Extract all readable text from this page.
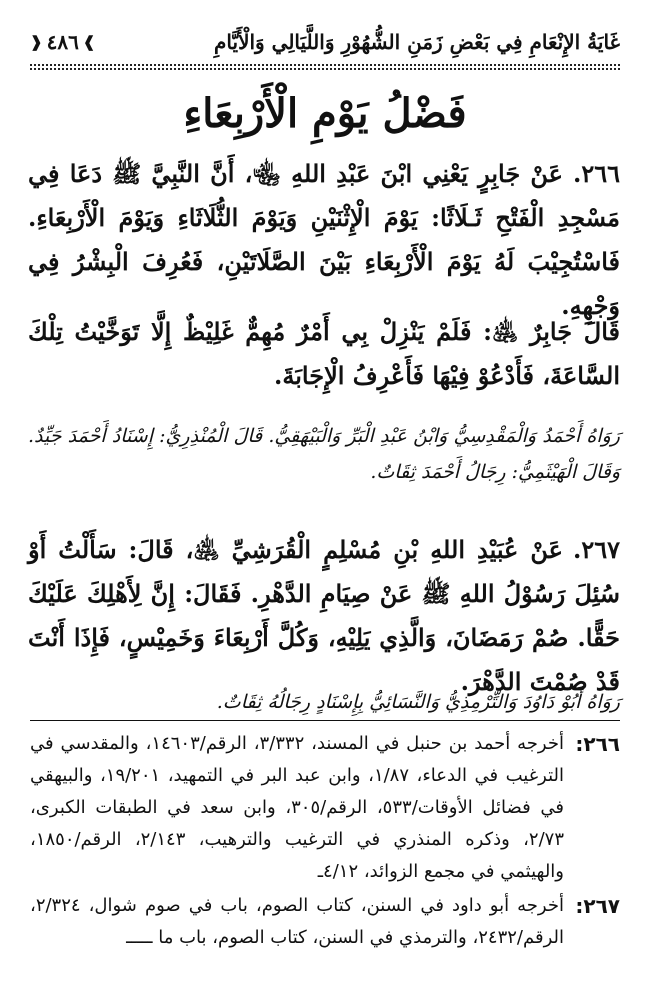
غَايَةُ الإِنْعَامِ فِي بَعْضِ زَمَنِ الشُّهُوْرِ وَاللَّيَالِي وَالْأَيَّامِ
❱
٤٨٦
❰
فَضْلُ يَوْمِ الْأَرْبِعَاءِ
٢٦٦.عَنْ جَابِرٍ يَعْنِي ابْنَ عَبْدِ اللهِ ﵄، أَنَّ النَّبِيَّ ﷺ دَعَا فِي مَسْجِدِ الْفَتْحِ ثَـلَاثًا: يَوْمَ الْإِثْنَيْنِ وَيَوْمَ الثُّلَاثَاءِ وَيَوْمَ الْأَرْبِعَاءِ. فَاسْتُجِيْبَ لَهُ يَوْمَ الْأَرْبِعَاءِ بَيْنَ الصَّلَاتَيْنِ، فَعُرِفَ الْبِشْرُ فِي وَجْهِهِ.
قَالَ جَابِرٌ ﵁: فَلَمْ يَنْزِلْ بِي أَمْرٌ مُهِمٌّ غَلِيْظٌ إِلَّا تَوَخَّيْتُ تِلْكَ السَّاعَةَ، فَأَدْعُوْ فِيْهَا فَأَعْرِفُ الْإِجَابَةَ.
رَوَاهُ أَحْمَدُ وَالْمَقْدِسِيُّ وَابْنُ عَبْدِ الْبَرِّ وَالْبَيْهَقِيُّ. قَالَ الْمُنْذِرِيُّ: إِسْنَادُ أَحْمَدَ جَيِّدٌ. وَقَالَ الْهَيْثَمِيُّ: رِجَالُ أَحْمَدَ ثِقَاتٌ.
٢٦٧.عَنْ عُبَيْدِ اللهِ بْنِ مُسْلِمٍ الْقُرَشِيِّ ﵁، قَالَ: سَأَلْتُ أَوْ سُئِلَ رَسُوْلُ اللهِ ﷺ عَنْ صِيَامِ الدَّهْرِ. فَقَالَ: إِنَّ لِأَهْلِكَ عَلَيْكَ حَقًّا. صُمْ رَمَضَانَ، وَالَّذِي يَلِيْهِ، وَكُلَّ أَرْبِعَاءَ وَخَمِيْسٍ، فَإِذَا أَنْتَ قَدْ صُمْتَ الدَّهْرَ.
رَوَاهُ أَبُوْ دَاوُدَ وَالتِّرْمِذِيُّ وَالنَّسَائِيُّ بِإِسْنَادٍ رِجَالُهُ ثِقَاتٌ.
٢٦٦:
أخرجه أحمد بن حنبل في المسند، ٣/٣٣٢، الرقم/١٤٦٠٣، والمقدسي في الترغيب في الدعاء، ١/٨٧، وابن عبد البر في التمهيد، ١٩/٢٠١، والبيهقي في فضائل الأوقات/٥٣٣، الرقم/٣٠٥، وابن سعد في الطبقات الكبرى، ٢/٧٣، وذكره المنذري في الترغيب والترهيب، ٢/١٤٣، الرقم/١٨٥٠، والهيثمي في مجمع الزوائد، ٤/١٢ـ
٢٦٧:
أخرجه أبو داود في السنن، كتاب الصوم، باب في صوم شوال، ٢/٣٢٤، الرقم/٢٤٣٢، والترمذي في السنن، كتاب الصوم، باب ما ـــــ
